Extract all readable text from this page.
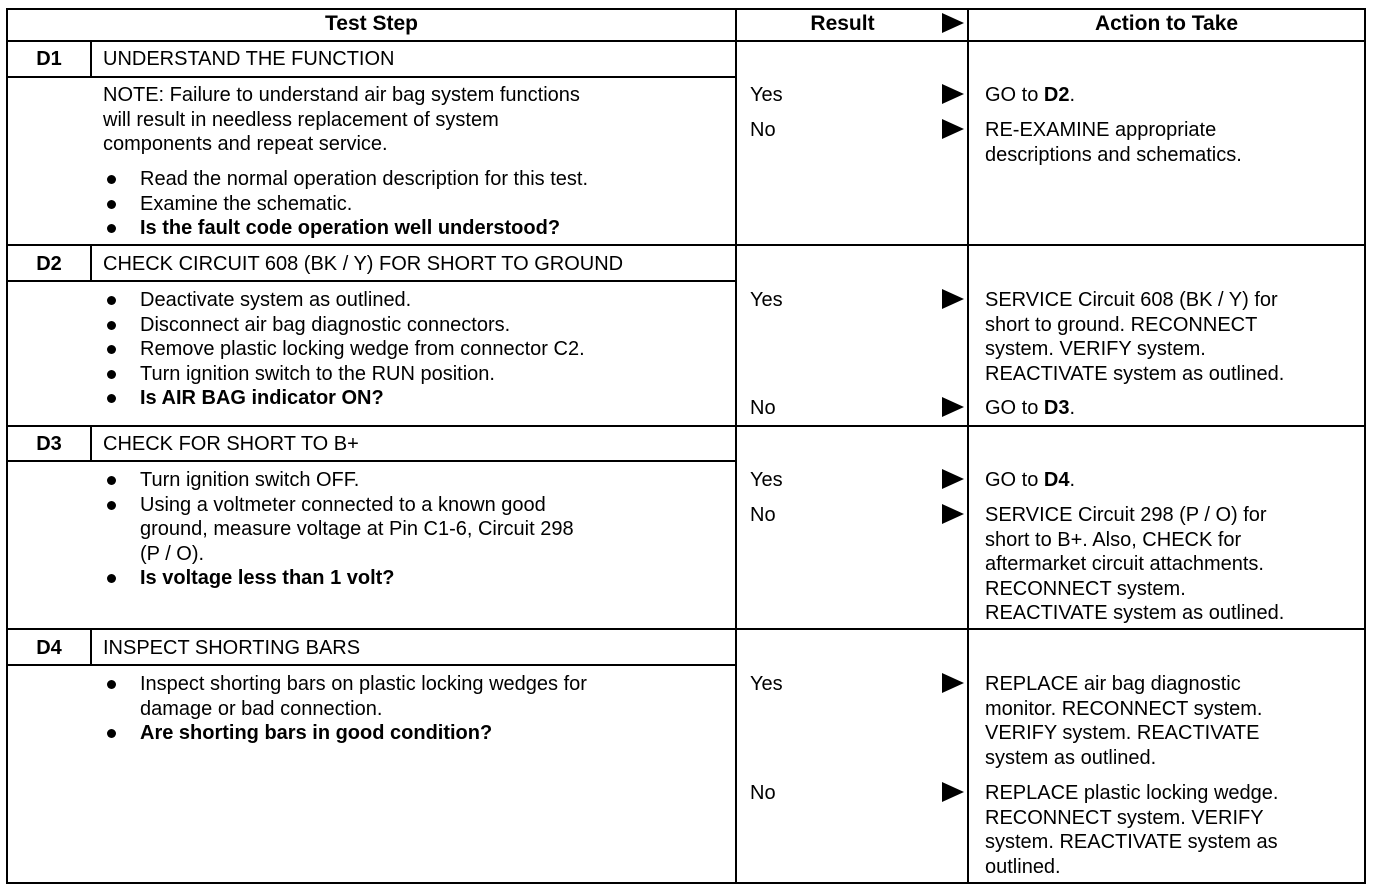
Test Step	Result	Action to Take
D1	UNDERSTAND THE FUNCTION
NOTE: Failure to understand air bag system functions
will result in needless replacement of system
components and repeat service.
Read the normal operation description for this test.
Examine the schematic.
Is the fault code operation well understood?
Yes	GO to D2.
No	RE-EXAMINE appropriate
descriptions and schematics.
D2	CHECK CIRCUIT 608 (BK / Y) FOR SHORT TO GROUND
Deactivate system as outlined.
Disconnect air bag diagnostic connectors.
Remove plastic locking wedge from connector C2.
Turn ignition switch to the RUN position.
Is AIR BAG indicator ON?
Yes	SERVICE Circuit 608 (BK / Y) for
short to ground. RECONNECT
system. VERIFY system.
REACTIVATE system as outlined.
No	GO to D3.
D3	CHECK FOR SHORT TO B+
Turn ignition switch OFF.
Using a voltmeter connected to a known good
ground, measure voltage at Pin C1-6, Circuit 298
(P / O).
Is voltage less than 1 volt?
Yes	GO to D4.
No	SERVICE Circuit 298 (P / O) for
short to B+. Also, CHECK for
aftermarket circuit attachments.
RECONNECT system.
REACTIVATE system as outlined.
D4	INSPECT SHORTING BARS
Inspect shorting bars on plastic locking wedges for
damage or bad connection.
Are shorting bars in good condition?
Yes	REPLACE air bag diagnostic
monitor. RECONNECT system.
VERIFY system. REACTIVATE
system as outlined.
No	REPLACE plastic locking wedge.
RECONNECT system. VERIFY
system. REACTIVATE system as
outlined.
